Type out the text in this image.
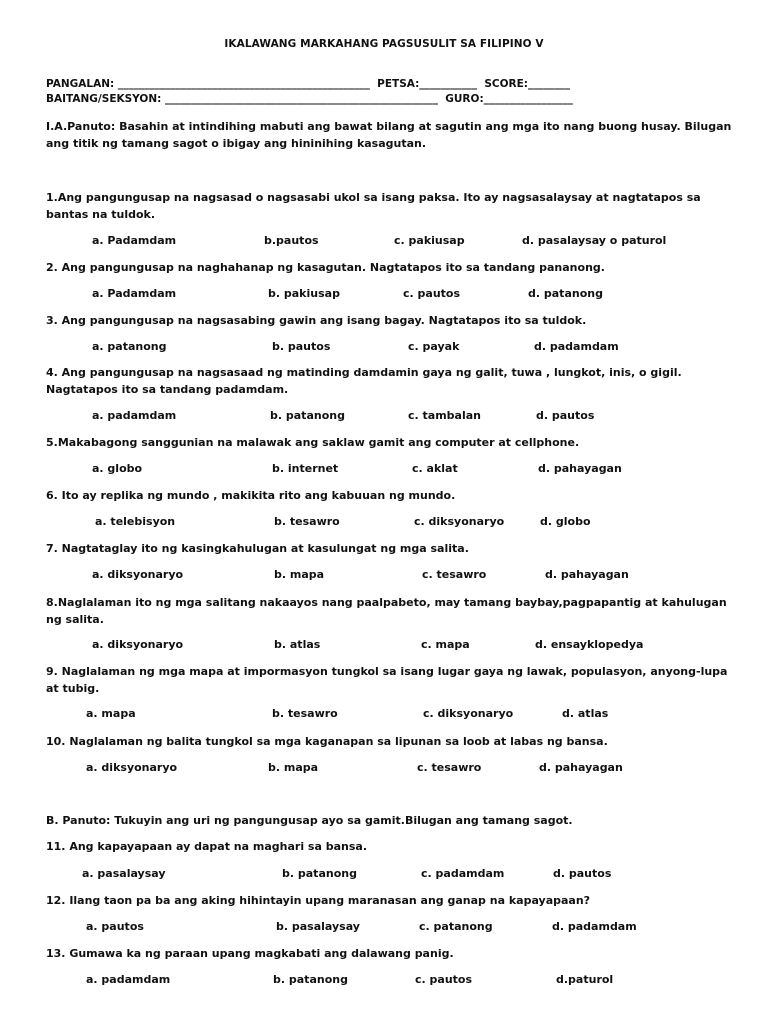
IKALAWANG MARKAHANG PAGSUSULIT SA FILIPINO V
PANGALAN: ________________________________________________  PETSA:___________  SCORE:________
BAITANG/SEKSYON: ____________________________________________________  GURO:_________________
I.A.Panuto: Basahin at intindihing mabuti ang bawat bilang at sagutin ang mga ito nang buong husay. Bilugan ang titik ng tamang sagot o ibigay ang hininihing kasagutan.
1.Ang pangungusap na nagsasad o nagsasabi ukol sa isang paksa. Ito ay nagsasalaysay at nagtatapos sa bantas na tuldok.
a. Padamdam	b.pautos	c. pakiusap	d. pasalaysay o paturol
2. Ang pangungusap na naghahanap ng kasagutan. Nagtatapos ito sa tandang pananong.
a. Padamdam	b. pakiusap	c. pautos	d. patanong
3. Ang pangungusap na nagsasabing gawin ang isang bagay. Nagtatapos ito sa tuldok.
a. patanong	b. pautos	c. payak	d. padamdam
4. Ang pangungusap na nagsasaad ng matinding damdamin gaya ng galit, tuwa , lungkot, inis, o gigil. Nagtatapos ito sa tandang padamdam.
a. padamdam	b. patanong	c. tambalan	d. pautos
5.Makabagong sanggunian na malawak ang saklaw gamit ang computer at cellphone.
a. globo	b. internet	c. aklat	d. pahayagan
6. Ito ay replika ng mundo , makikita rito ang kabuuan ng mundo.
a. telebisyon	b. tesawro	c. diksyonaryo	d. globo
7. Nagtataglay ito ng kasingkahulugan at kasulungat ng mga salita.
a. diksyonaryo	b. mapa	c. tesawro	d. pahayagan
8.Naglalaman ito ng mga salitang nakaayos nang paalpabeto, may tamang baybay,pagpapantig at kahulugan ng salita.
a. diksyonaryo	b. atlas	c. mapa	d. ensayklopedya
9. Naglalaman ng mga mapa at impormasyon tungkol sa isang lugar gaya ng lawak, populasyon, anyong-lupa at tubig.
a. mapa	b. tesawro	c. diksyonaryo	d. atlas
10. Naglalaman ng balita tungkol sa mga kaganapan sa lipunan sa loob at labas ng bansa.
a. diksyonaryo	b. mapa	c. tesawro	d. pahayagan
B. Panuto: Tukuyin ang uri ng pangungusap ayo sa gamit.Bilugan ang tamang sagot.
11. Ang kapayapaan ay dapat na maghari sa bansa.
a. pasalaysay	b. patanong	c. padamdam	d. pautos
12. Ilang taon pa ba ang aking hihintayin upang maranasan ang ganap na kapayapaan?
a. pautos	b. pasalaysay	c. patanong	d. padamdam
13. Gumawa ka ng paraan upang magkabati ang dalawang panig.
a. padamdam	b. patanong	c. pautos	d.paturol
